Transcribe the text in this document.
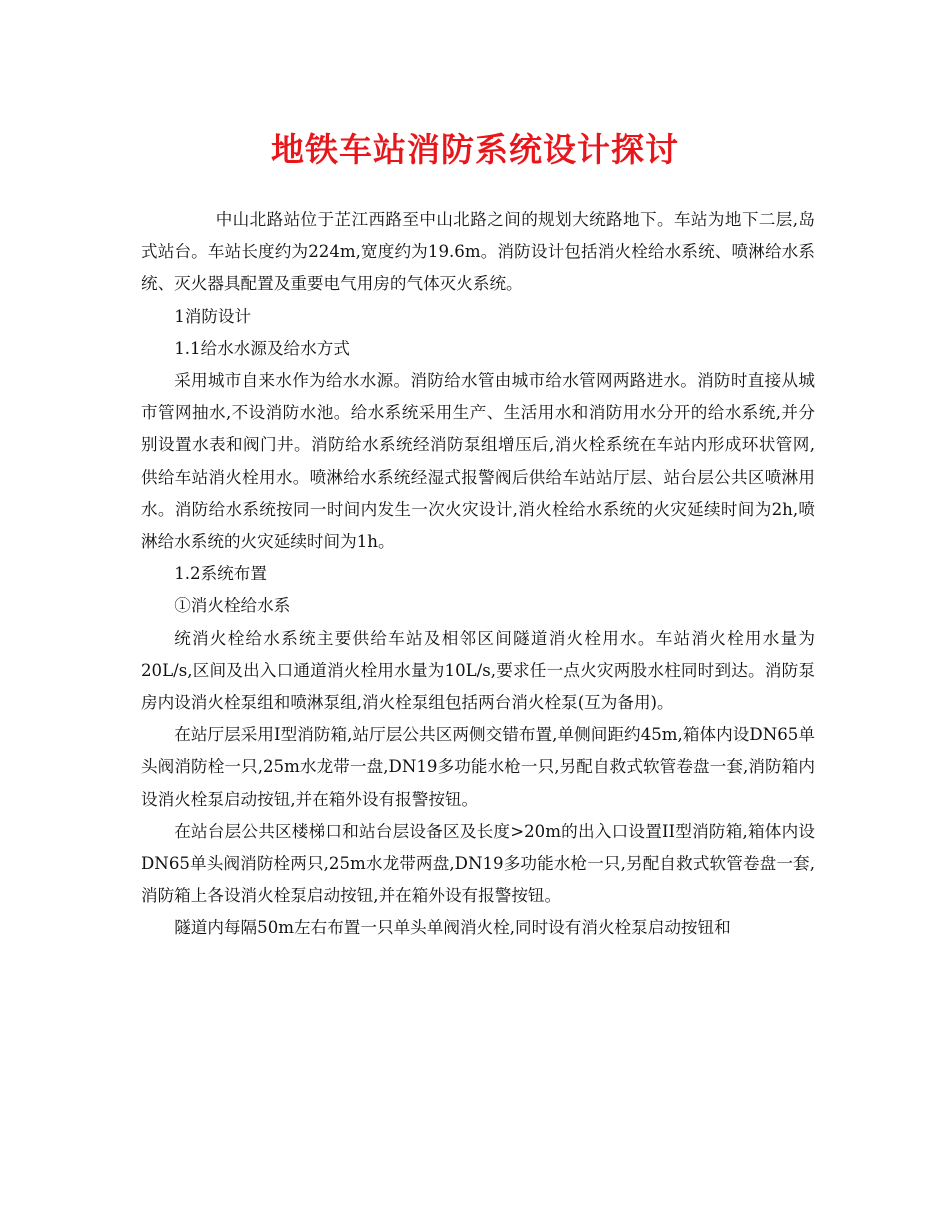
地铁车站消防系统设计探讨

中山北路站位于芷江西路至中山北路之间的规划大统路地下。车站为地下二层,岛式站台。车站长度约为224m,宽度约为19.6m。消防设计包括消火栓给水系统、喷淋给水系统、灭火器具配置及重要电气用房的气体灭火系统。

1消防设计

1.1给水水源及给水方式

采用城市自来水作为给水水源。消防给水管由城市给水管网两路进水。消防时直接从城市管网抽水,不设消防水池。给水系统采用生产、生活用水和消防用水分开的给水系统,并分别设置水表和阀门井。消防给水系统经消防泵组增压后,消火栓系统在车站内形成环状管网,供给车站消火栓用水。喷淋给水系统经湿式报警阀后供给车站站厅层、站台层公共区喷淋用水。消防给水系统按同一时间内发生一次火灾设计,消火栓给水系统的火灾延续时间为2h,喷淋给水系统的火灾延续时间为1h。

1.2系统布置

①消火栓给水系

统消火栓给水系统主要供给车站及相邻区间隧道消火栓用水。车站消火栓用水量为20L/s,区间及出入口通道消火栓用水量为10L/s,要求任一点火灾两股水柱同时到达。消防泵房内设消火栓泵组和喷淋泵组,消火栓泵组包括两台消火栓泵(互为备用)。

在站厅层采用I型消防箱,站厅层公共区两侧交错布置,单侧间距约45m,箱体内设DN65单头阀消防栓一只,25m水龙带一盘,DN19多功能水枪一只,另配自救式软管卷盘一套,消防箱内设消火栓泵启动按钮,并在箱外设有报警按钮。

在站台层公共区楼梯口和站台层设备区及长度>20m的出入口设置II型消防箱,箱体内设DN65单头阀消防栓两只,25m水龙带两盘,DN19多功能水枪一只,另配自救式软管卷盘一套,消防箱上各设消火栓泵启动按钮,并在箱外设有报警按钮。

隧道内每隔50m左右布置一只单头单阀消火栓,同时设有消火栓泵启动按钮和
